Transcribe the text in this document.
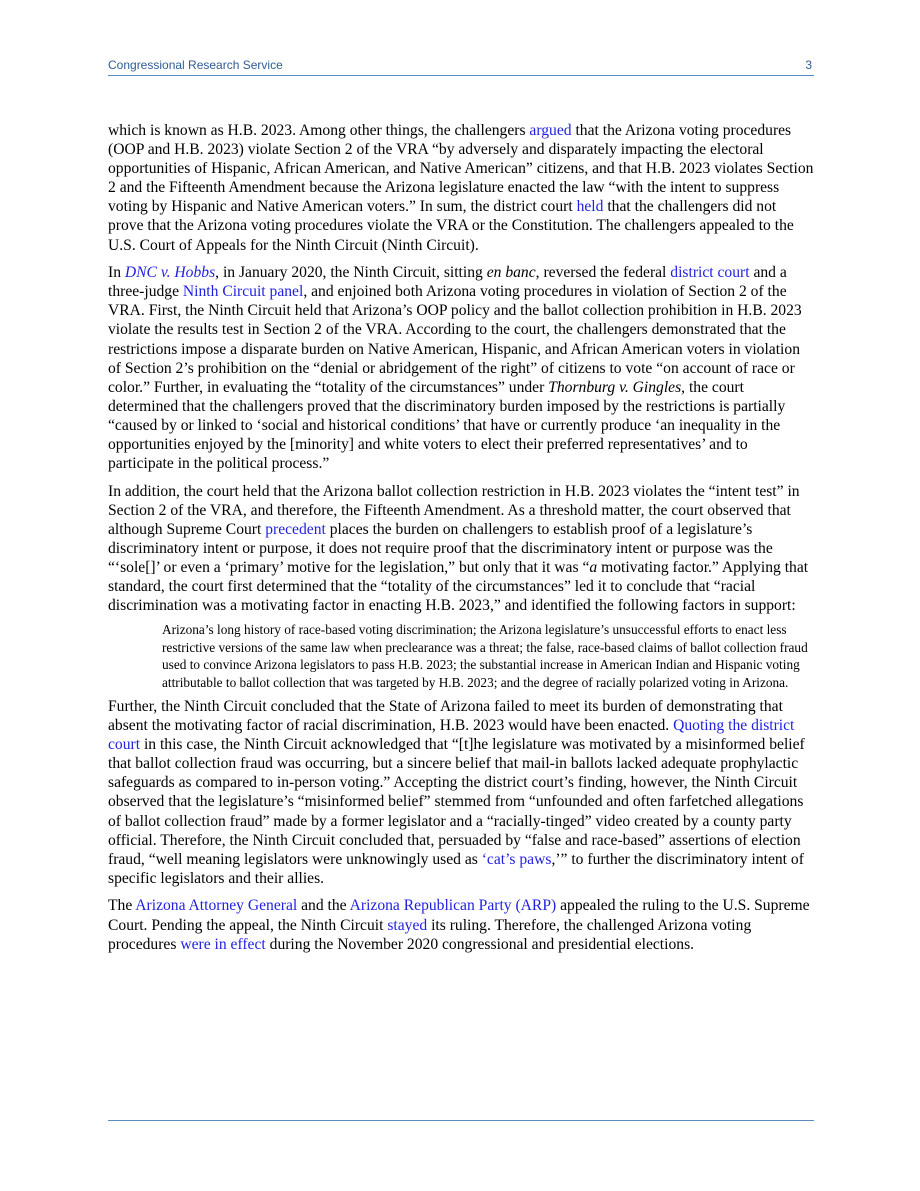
Congressional Research Service	3

which is known as H.B. 2023. Among other things, the challengers argued that the Arizona voting procedures (OOP and H.B. 2023) violate Section 2 of the VRA “by adversely and disparately impacting the electoral opportunities of Hispanic, African American, and Native American” citizens, and that H.B. 2023 violates Section 2 and the Fifteenth Amendment because the Arizona legislature enacted the law “with the intent to suppress voting by Hispanic and Native American voters.” In sum, the district court held that the challengers did not prove that the Arizona voting procedures violate the VRA or the Constitution. The challengers appealed to the U.S. Court of Appeals for the Ninth Circuit (Ninth Circuit).

In DNC v. Hobbs, in January 2020, the Ninth Circuit, sitting en banc, reversed the federal district court and a three-judge Ninth Circuit panel, and enjoined both Arizona voting procedures in violation of Section 2 of the VRA. First, the Ninth Circuit held that Arizona’s OOP policy and the ballot collection prohibition in H.B. 2023 violate the results test in Section 2 of the VRA. According to the court, the challengers demonstrated that the restrictions impose a disparate burden on Native American, Hispanic, and African American voters in violation of Section 2’s prohibition on the “denial or abridgement of the right” of citizens to vote “on account of race or color.” Further, in evaluating the “totality of the circumstances” under Thornburg v. Gingles, the court determined that the challengers proved that the discriminatory burden imposed by the restrictions is partially “caused by or linked to ‘social and historical conditions’ that have or currently produce ‘an inequality in the opportunities enjoyed by the [minority] and white voters to elect their preferred representatives’ and to participate in the political process.”

In addition, the court held that the Arizona ballot collection restriction in H.B. 2023 violates the “intent test” in Section 2 of the VRA, and therefore, the Fifteenth Amendment. As a threshold matter, the court observed that although Supreme Court precedent places the burden on challengers to establish proof of a legislature’s discriminatory intent or purpose, it does not require proof that the discriminatory intent or purpose was the “‘sole[]’ or even a ‘primary’ motive for the legislation,” but only that it was “a motivating factor.” Applying that standard, the court first determined that the “totality of the circumstances” led it to conclude that “racial discrimination was a motivating factor in enacting H.B. 2023,” and identified the following factors in support:

Arizona’s long history of race-based voting discrimination; the Arizona legislature’s unsuccessful efforts to enact less restrictive versions of the same law when preclearance was a threat; the false, race-based claims of ballot collection fraud used to convince Arizona legislators to pass H.B. 2023; the substantial increase in American Indian and Hispanic voting attributable to ballot collection that was targeted by H.B. 2023; and the degree of racially polarized voting in Arizona.

Further, the Ninth Circuit concluded that the State of Arizona failed to meet its burden of demonstrating that absent the motivating factor of racial discrimination, H.B. 2023 would have been enacted. Quoting the district court in this case, the Ninth Circuit acknowledged that “[t]he legislature was motivated by a misinformed belief that ballot collection fraud was occurring, but a sincere belief that mail-in ballots lacked adequate prophylactic safeguards as compared to in-person voting.” Accepting the district court’s finding, however, the Ninth Circuit observed that the legislature’s “misinformed belief” stemmed from “unfounded and often farfetched allegations of ballot collection fraud” made by a former legislator and a “racially-tinged” video created by a county party official. Therefore, the Ninth Circuit concluded that, persuaded by “false and race-based” assertions of election fraud, “well meaning legislators were unknowingly used as ‘cat’s paws,’” to further the discriminatory intent of specific legislators and their allies.

The Arizona Attorney General and the Arizona Republican Party (ARP) appealed the ruling to the U.S. Supreme Court. Pending the appeal, the Ninth Circuit stayed its ruling. Therefore, the challenged Arizona voting procedures were in effect during the November 2020 congressional and presidential elections.
